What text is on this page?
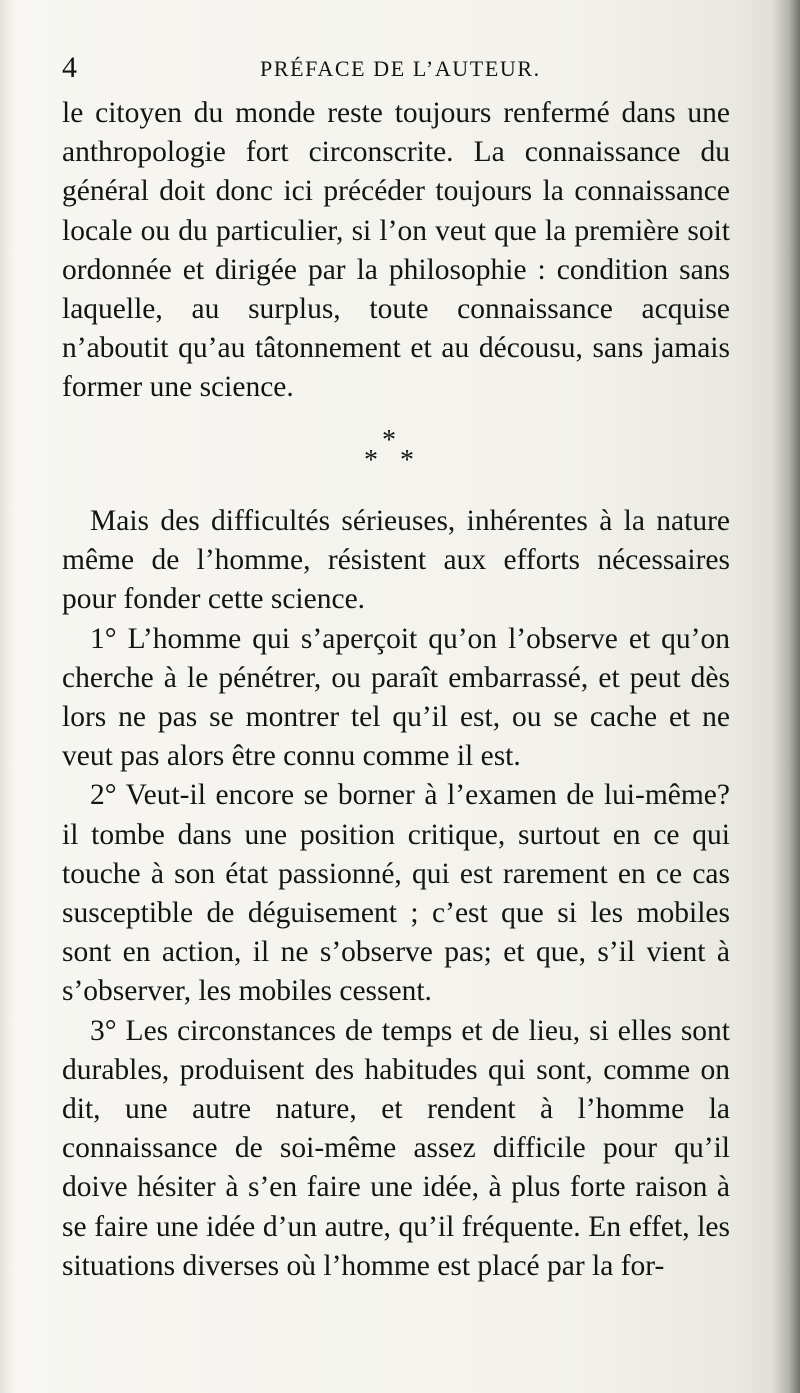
4	PRÉFACE DE L’AUTEUR.

le citoyen du monde reste toujours renfermé dans une anthropologie fort circonscrite. La connaissance du général doit donc ici précéder toujours la connaissance locale ou du particulier, si l’on veut que la première soit ordonnée et dirigée par la philosophie : condition sans laquelle, au surplus, toute connaissance acquise n’aboutit qu’au tâtonnement et au décousu, sans jamais former une science.

*
* *

Mais des difficultés sérieuses, inhérentes à la nature même de l’homme, résistent aux efforts nécessaires pour fonder cette science.

1° L’homme qui s’aperçoit qu’on l’observe et qu’on cherche à le pénétrer, ou paraît embarrassé, et peut dès lors ne pas se montrer tel qu’il est, ou se cache et ne veut pas alors être connu comme il est.

2° Veut-il encore se borner à l’examen de lui-même? il tombe dans une position critique, surtout en ce qui touche à son état passionné, qui est rarement en ce cas susceptible de déguisement ; c’est que si les mobiles sont en action, il ne s’observe pas; et que, s’il vient à s’observer, les mobiles cessent.

3° Les circonstances de temps et de lieu, si elles sont durables, produisent des habitudes qui sont, comme on dit, une autre nature, et rendent à l’homme la connaissance de soi-même assez difficile pour qu’il doive hésiter à s’en faire une idée, à plus forte raison à se faire une idée d’un autre, qu’il fréquente. En effet, les situations diverses où l’homme est placé par la for-
